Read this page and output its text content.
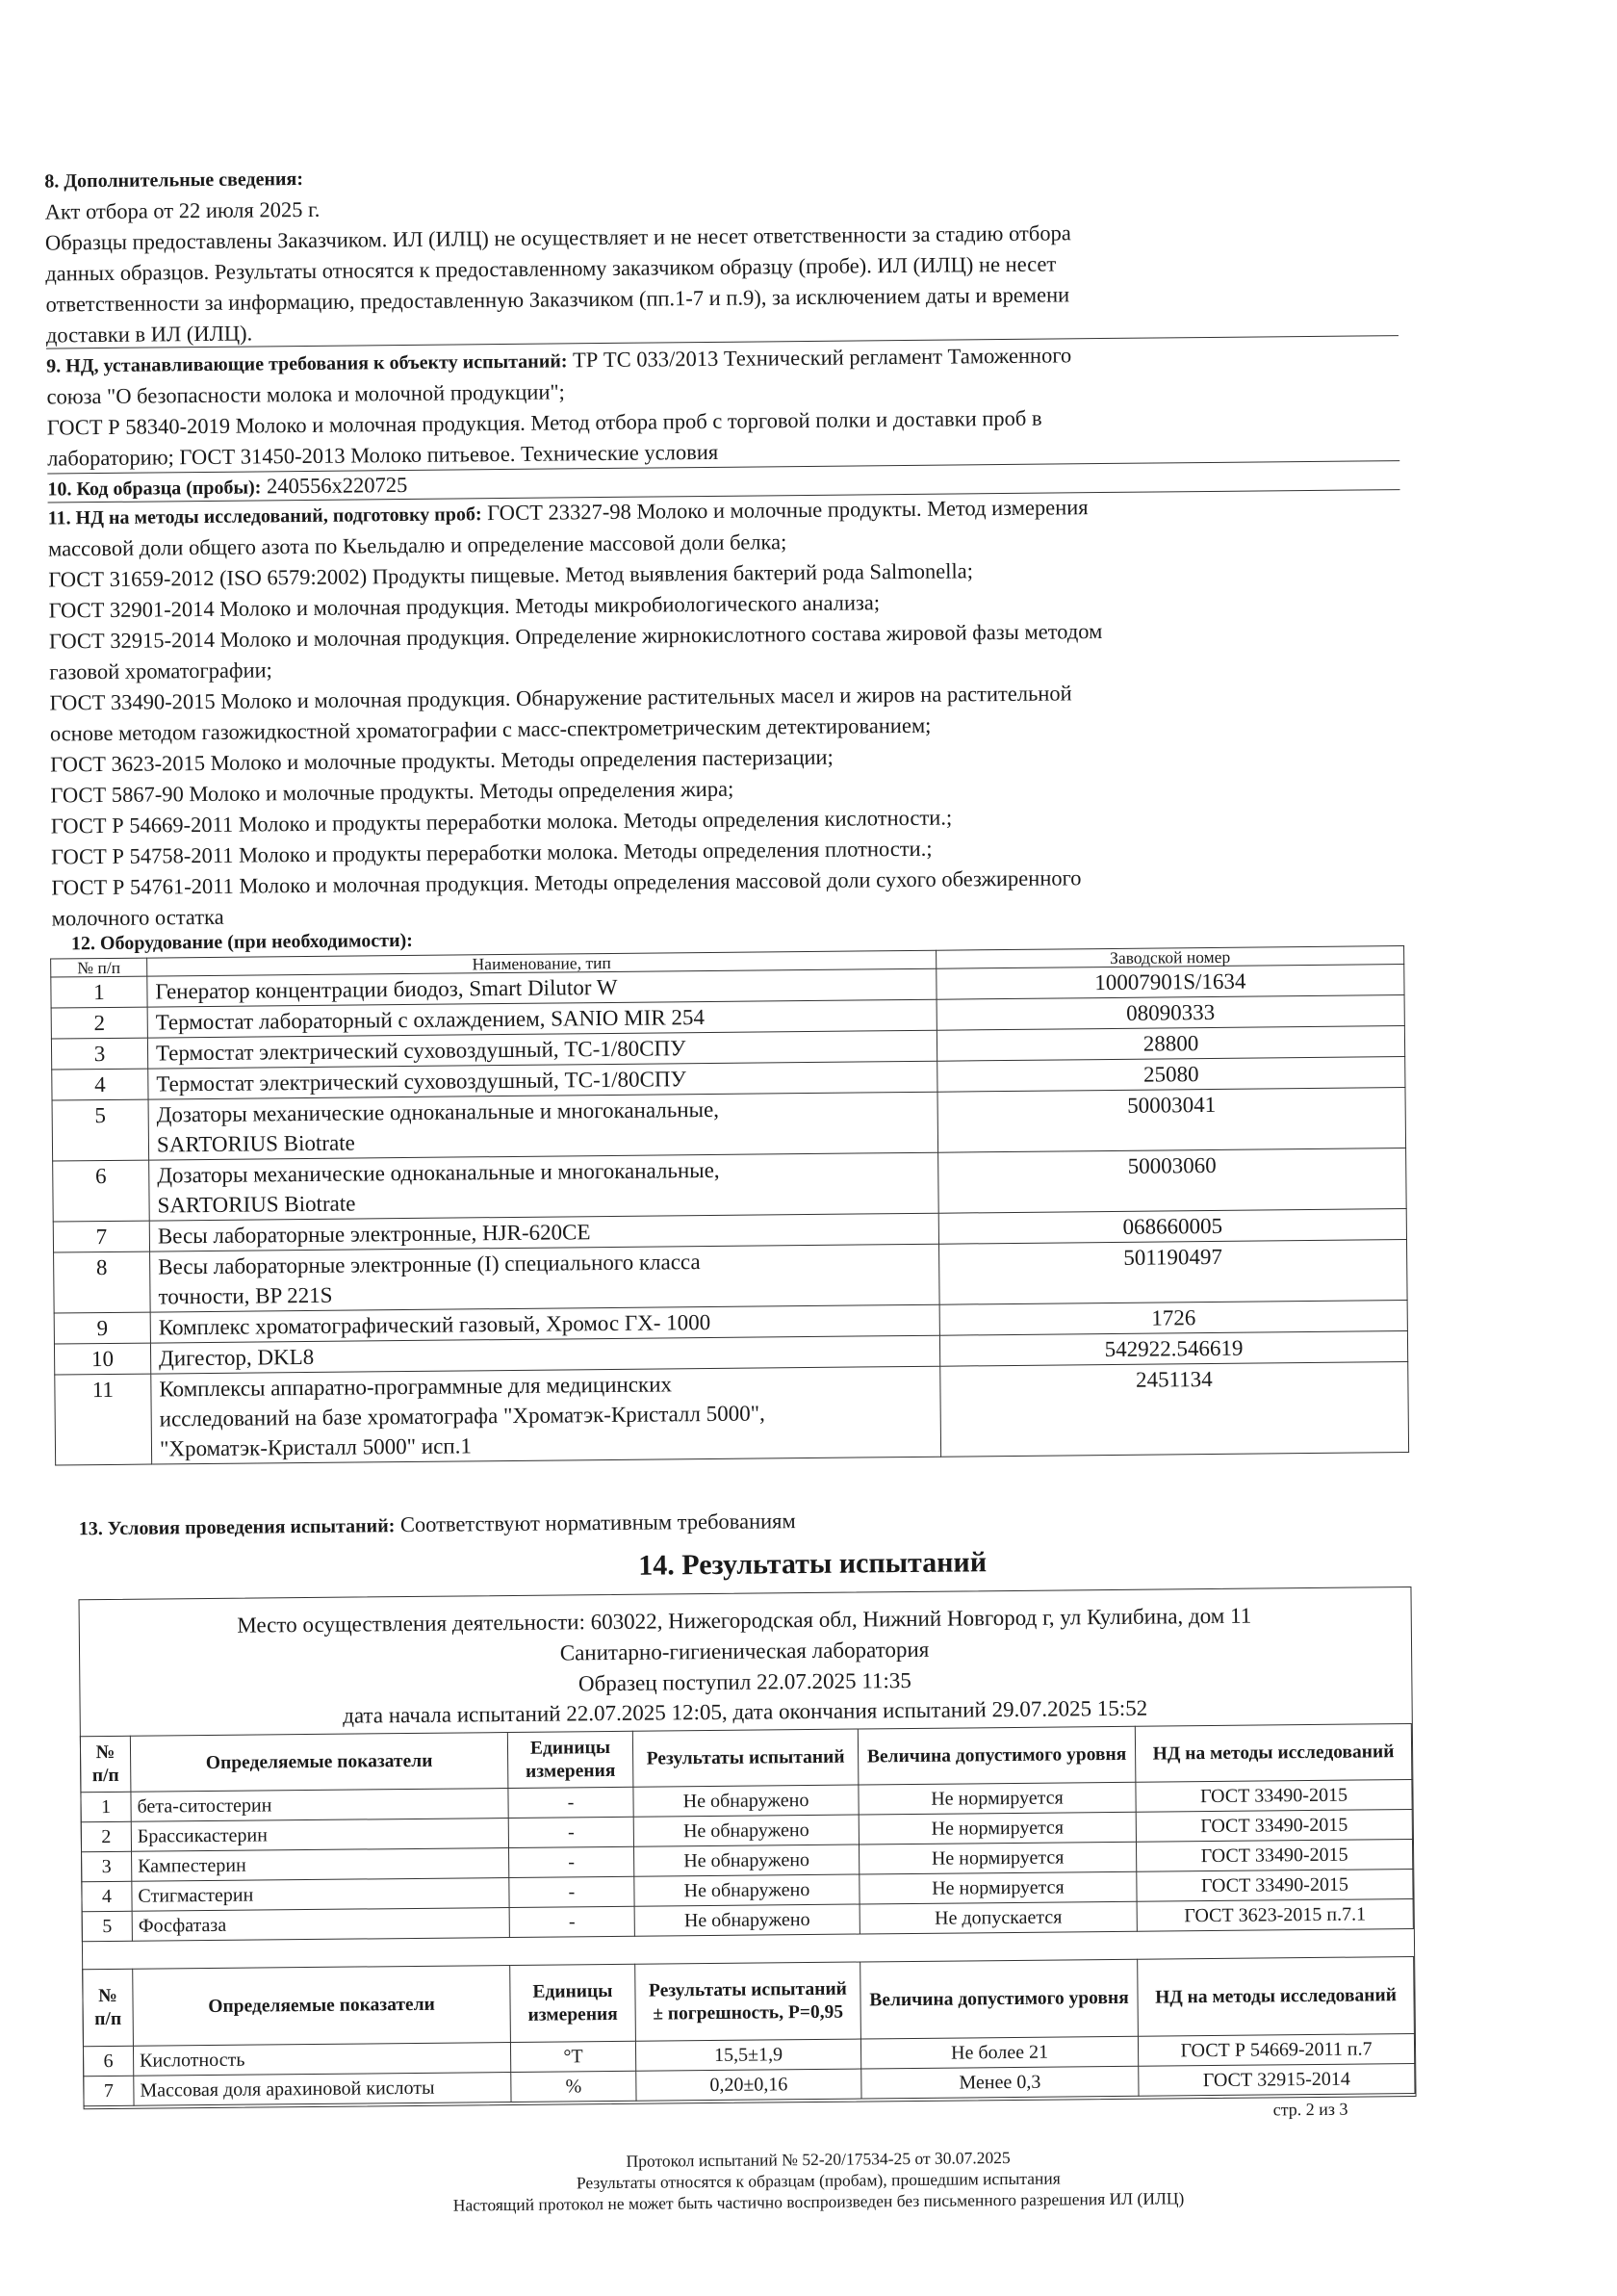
8. Дополнительные сведения:
Акт отбора от 22 июля 2025 г.
Образцы предоставлены Заказчиком. ИЛ (ИЛЦ) не осуществляет и не несет ответственности за стадию отбора
данных образцов. Результаты относятся к предоставленному заказчиком образцу (пробе). ИЛ (ИЛЦ) не несет
ответственности за информацию, предоставленную Заказчиком (пп.1-7 и п.9), за исключением даты и времени
доставки в ИЛ (ИЛЦ).
9. НД, устанавливающие требования к объекту испытаний: ТР ТС 033/2013 Технический регламент Таможенного
союза "О безопасности молока и молочной продукции";
ГОСТ Р 58340-2019 Молоко и молочная продукция. Метод отбора проб с торговой полки и доставки проб в
лабораторию; ГОСТ 31450-2013 Молоко питьевое. Технические условия
10. Код образца (пробы): 240556х220725
11. НД на методы исследований, подготовку проб: ГОСТ 23327-98 Молоко и молочные продукты. Метод измерения
массовой доли общего азота по Кьельдалю и определение массовой доли белка;
ГОСТ 31659-2012 (ISO 6579:2002) Продукты пищевые. Метод выявления бактерий рода Salmonella;
ГОСТ 32901-2014 Молоко и молочная продукция. Методы микробиологического анализа;
ГОСТ 32915-2014 Молоко и молочная продукция. Определение жирнокислотного состава жировой фазы методом
газовой хроматографии;
ГОСТ 33490-2015 Молоко и молочная продукция. Обнаружение растительных масел и жиров на растительной
основе методом газожидкостной хроматографии с масс-спектрометрическим детектированием;
ГОСТ 3623-2015 Молоко и молочные продукты. Методы определения пастеризации;
ГОСТ 5867-90 Молоко и молочные продукты. Методы определения жира;
ГОСТ Р 54669-2011 Молоко и продукты переработки молока. Методы определения кислотности.;
ГОСТ Р 54758-2011 Молоко и продукты переработки молока. Методы определения плотности.;
ГОСТ Р 54761-2011 Молоко и молочная продукция. Методы определения массовой доли сухого обезжиренного
молочного остатка
12. Оборудование (при необходимости):
№ п/п	Наименование, тип	Заводской номер
1	Генератор концентрации биодоз, Smart Dilutor W	10007901S/1634
2	Термостат лабораторный с охлаждением, SANIO MIR 254	08090333
3	Термостат электрический суховоздушный, ТС-1/80СПУ	28800
4	Термостат электрический суховоздушный, ТС-1/80СПУ	25080
5	Дозаторы механические одноканальные и многоканальные,
SARTORIUS Biotrate	50003041
6	Дозаторы механические одноканальные и многоканальные,
SARTORIUS Biotrate	50003060
7	Весы лабораторные электронные, HJR-620CE	068660005
8	Весы лабораторные электронные (I) специального класса
точности, BP 221S	501190497
9	Комплекс хроматографический газовый, Хромос ГХ- 1000	1726
10	Дигестор, DKL8	542922.546619
11	Комплексы аппаратно-программные для медицинских
исследований на базе хроматографа "Хроматэк-Кристалл 5000",
"Хроматэк-Кристалл 5000" исп.1	2451134
13. Условия проведения испытаний: Соответствуют нормативным требованиям
14. Результаты испытаний
Место осуществления деятельности: 603022, Нижегородская обл, Нижний Новгород г, ул Кулибина, дом 11
Санитарно-гигиеническая лаборатория
Образец поступил 22.07.2025 11:35
дата начала испытаний 22.07.2025 12:05, дата окончания испытаний 29.07.2025 15:52
№ п/п	Определяемые показатели	Единицы измерения	Результаты испытаний	Величина допустимого уровня	НД на методы исследований
1	бета-ситостерин	-	Не обнаружено	Не нормируется	ГОСТ 33490-2015
2	Брассикастерин	-	Не обнаружено	Не нормируется	ГОСТ 33490-2015
3	Кампестерин	-	Не обнаружено	Не нормируется	ГОСТ 33490-2015
4	Стигмастерин	-	Не обнаружено	Не нормируется	ГОСТ 33490-2015
5	Фосфатаза	-	Не обнаружено	Не допускается	ГОСТ 3623-2015 п.7.1
№ п/п	Определяемые показатели	Единицы измерения	Результаты испытаний ± погрешность, Р=0,95	Величина допустимого уровня	НД на методы исследований
6	Кислотность	°Т	15,5±1,9	Не более 21	ГОСТ Р 54669-2011 п.7
7	Массовая доля арахиновой кислоты	%	0,20±0,16	Менее 0,3	ГОСТ 32915-2014
стр. 2 из 3
Протокол испытаний № 52-20/17534-25 от 30.07.2025
Результаты относятся к образцам (пробам), прошедшим испытания
Настоящий протокол не может быть частично воспроизведен без письменного разрешения ИЛ (ИЛЦ)
